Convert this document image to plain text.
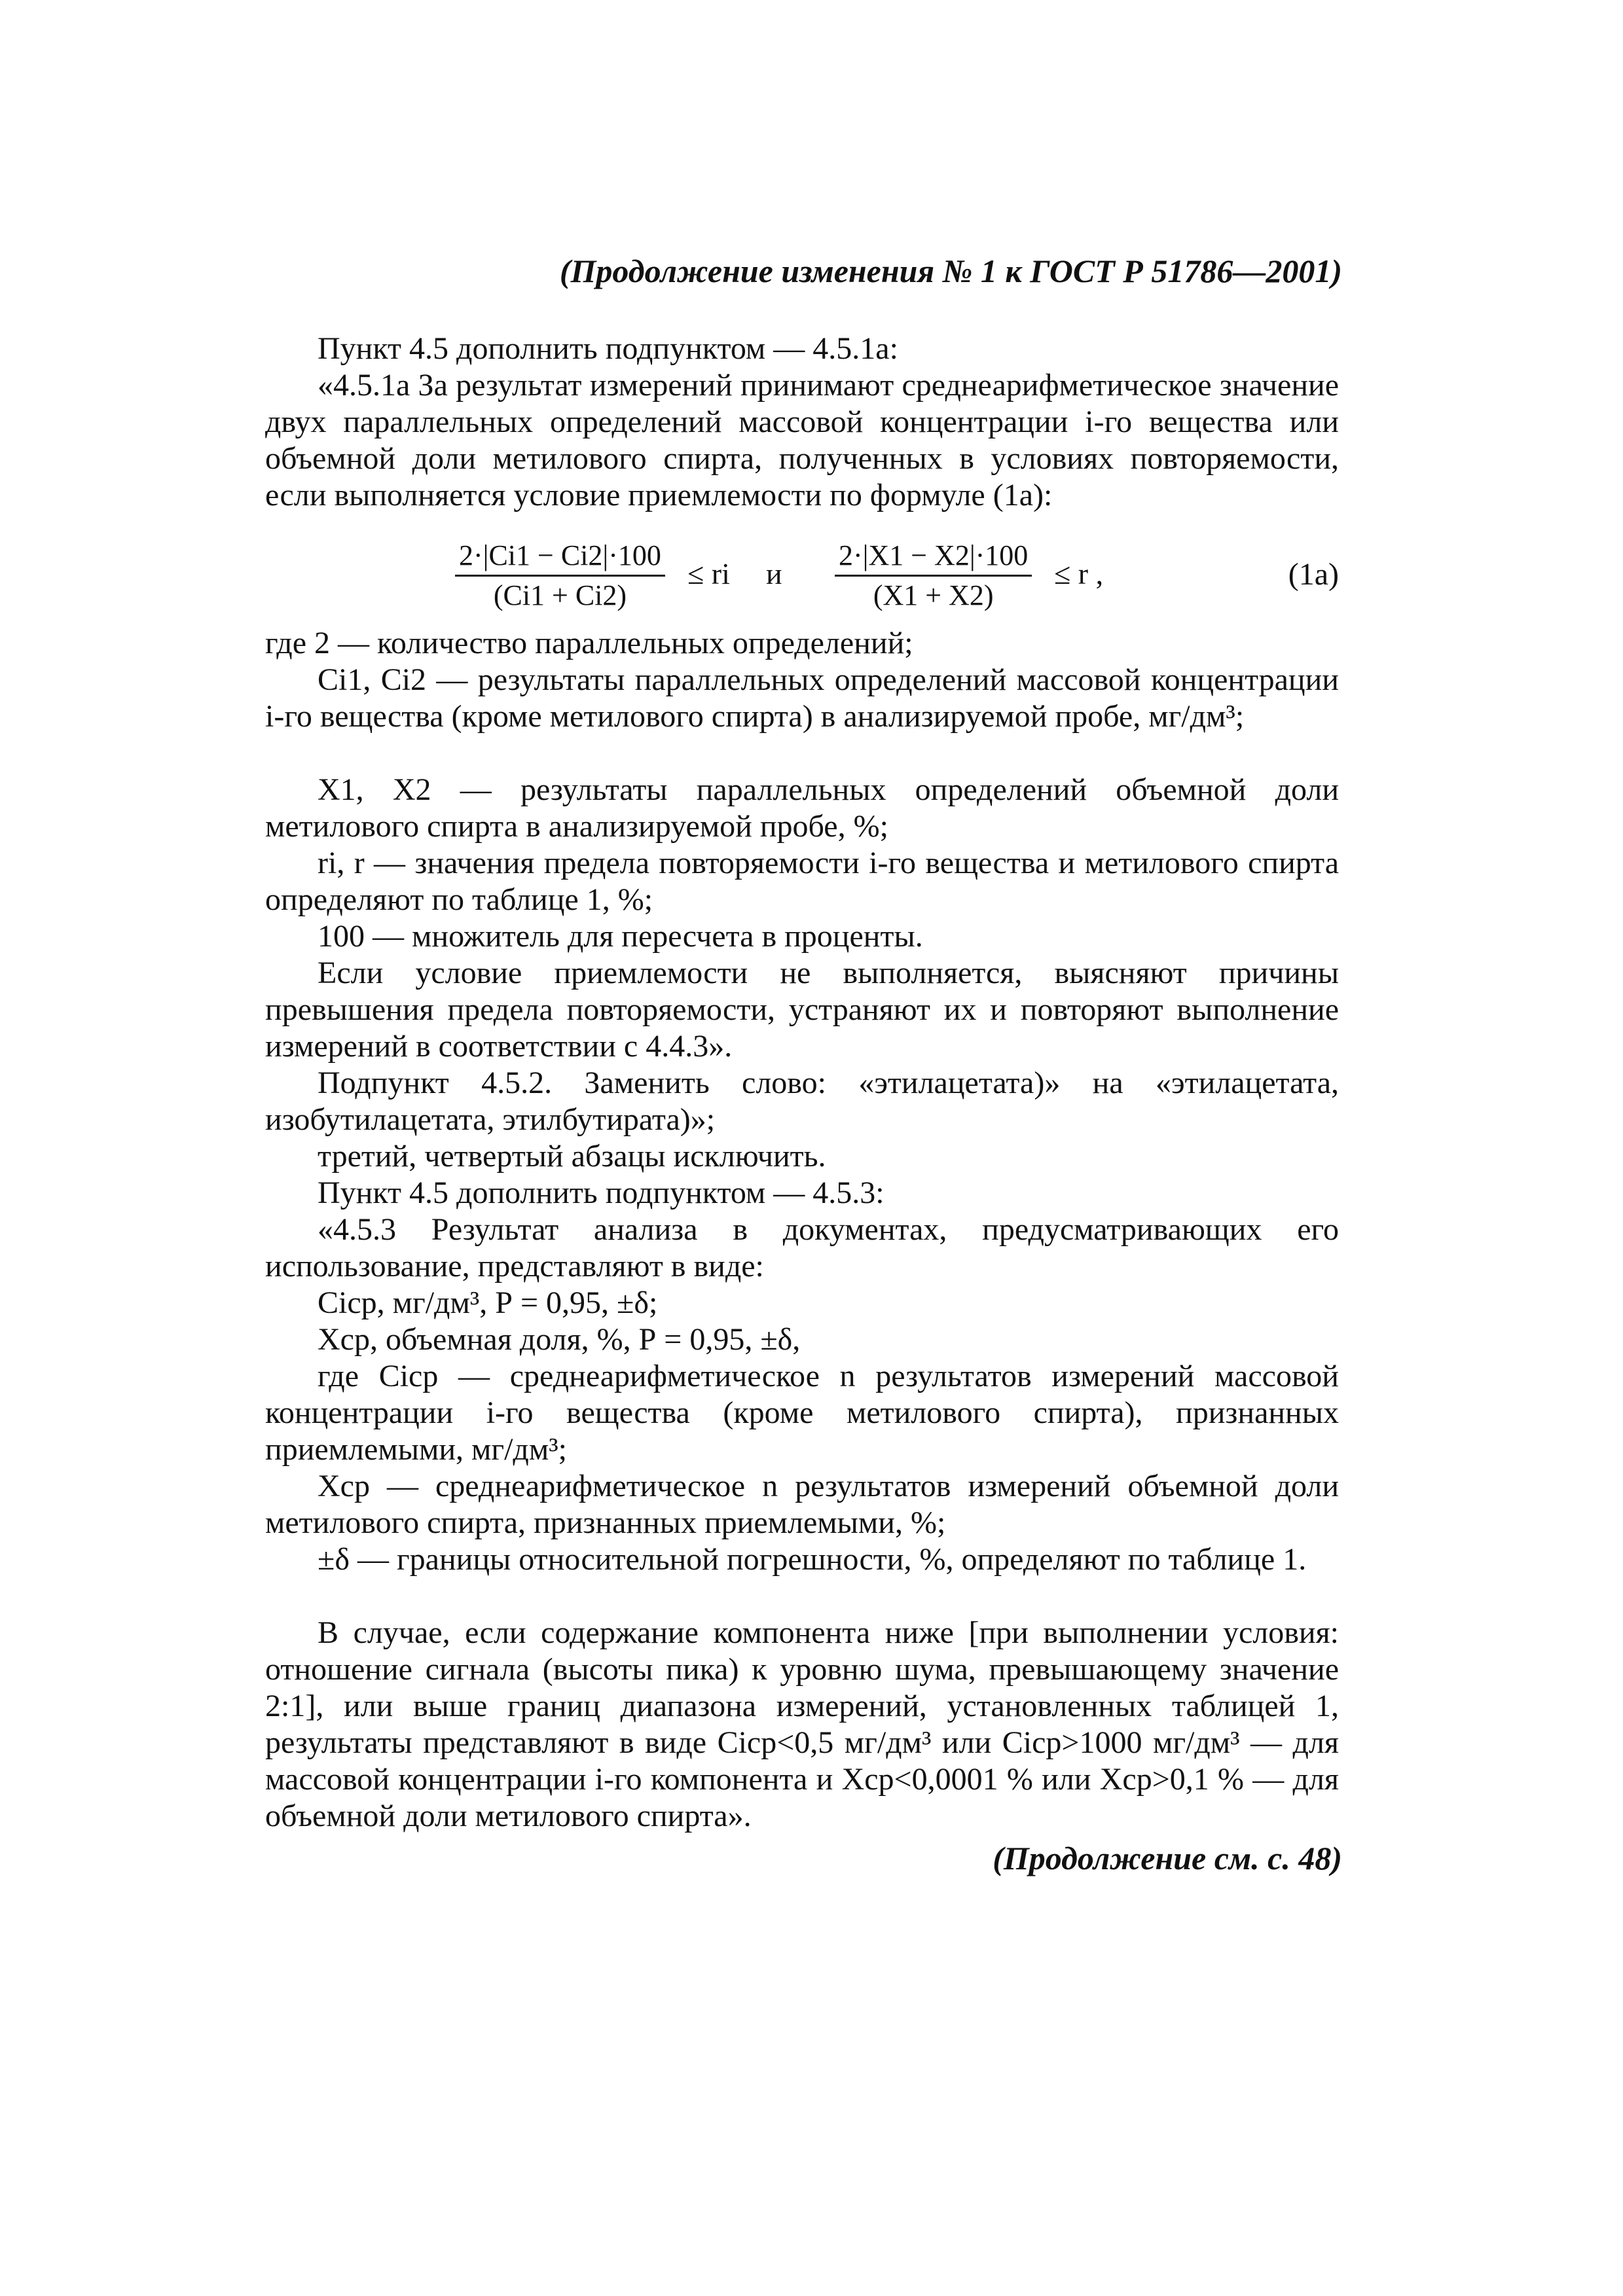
(Продолжение изменения № 1 к ГОСТ Р 51786—2001)
Пункт 4.5 дополнить подпунктом — 4.5.1а:
«4.5.1а За результат измерений принимают среднеарифметическое значение двух параллельных определений массовой концентрации i-го вещества или объемной доли метилового спирта, полученных в условиях повторяемости, если выполняется условие приемлемости по формуле (1а):
$\frac{2\cdot|Ci1 - Ci2|\cdot 100}{(Ci1 + Ci2)}$ ≤ ri и $\frac{2\cdot|X1 - X2|\cdot 100}{(X1 + X2)} \le r$ ,	(1а)
где 2 — количество параллельных определений;
Ci1, Ci2 — результаты параллельных определений массовой концентрации i-го вещества (кроме метилового спирта) в анализируемой пробе, мг/дм³;
X1, X2 — результаты параллельных определений объемной доли метилового спирта в анализируемой пробе, %;
ri, r — значения предела повторяемости i-го вещества и метилового спирта определяют по таблице 1, %;
100 — множитель для пересчета в проценты.
Если условие приемлемости не выполняется, выясняют причины превышения предела повторяемости, устраняют их и повторяют выполнение измерений в соответствии с 4.4.3».
Подпункт 4.5.2. Заменить слово: «этилацетата)» на «этилацетата, изобутилацетата, этилбутирата)»;
третий, четвертый абзацы исключить.
Пункт 4.5 дополнить подпунктом — 4.5.3:
«4.5.3 Результат анализа в документах, предусматривающих его использование, представляют в виде:
Ciср, мг/дм³, Р = 0,95, ±δ;
Xср, объемная доля, %, Р = 0,95, ±δ,
где Ciср — среднеарифметическое n результатов измерений массовой концентрации i-го вещества (кроме метилового спирта), признанных приемлемыми, мг/дм³;
Xср — среднеарифметическое n результатов измерений объемной доли метилового спирта, признанных приемлемыми, %;
±δ — границы относительной погрешности, %, определяют по таблице 1.
В случае, если содержание компонента ниже [при выполнении условия: отношение сигнала (высоты пика) к уровню шума, превышающему значение 2:1], или выше границ диапазона измерений, установленных таблицей 1, результаты представляют в виде Ciср<0,5 мг/дм³ или Ciср>1000 мг/дм³ — для массовой концентрации i-го компонента и Xср<0,0001 % или Xср>0,1 % — для объемной доли метилового спирта».
(Продолжение см. с. 48)
